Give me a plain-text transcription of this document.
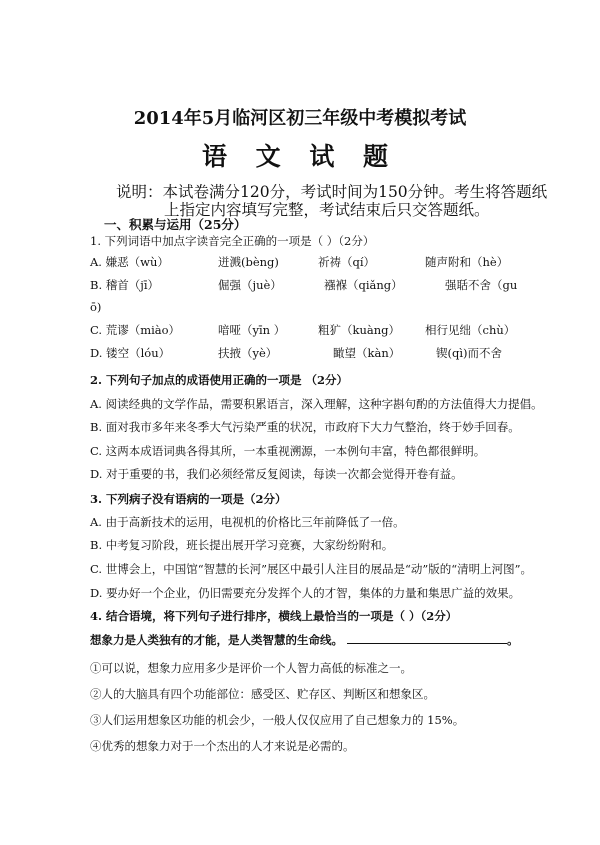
2014年5月临河区初三年级中考模拟考试
语 文 试 题
说明：本试卷满分120分，考试时间为150分钟。考生将答题纸
上指定内容填写完整，考试结束后只交答题纸。
一、积累与运用（25分）
1. 下列词语中加点字读音完全正确的一项是（ ）（2分）
A. 嫌恶（wù）	迸溅(bèng)	祈祷（qí）	随声附和（hè）
B. 稽首（jī）	倔强（juè）	襁褓（qiǎng）	强聒不舍（gu
ō)
C. 荒谬（miào）	喑哑（yīn ）	粗犷（kuàng） 相行见绌（chù）
D. 镂空（lóu）	扶掖（yè）	瞰望（kàn）	锲(qì)而不舍
2. 下列句子加点的成语使用正确的一项是 （2分）
A. 阅读经典的文学作品，需要积累语言，深入理解，这种字斟句酌的方法值得大力提倡。
B. 面对我市多年来冬季大气污染严重的状况，市政府下大力气整治，终于妙手回春。
C. 这两本成语词典各得其所，一本重视溯源，一本例句丰富，特色都很鲜明。
D. 对于重要的书，我们必须经常反复阅读，每读一次都会觉得开卷有益。
3. 下列病子没有语病的一项是（2分）
A. 由于高新技术的运用，电视机的价格比三年前降低了一倍。
B. 中考复习阶段，班长提出展开学习竞赛，大家纷纷附和。
C. 世博会上，中国馆“智慧的长河”展区中最引人注目的展品是“动”版的“清明上河图”。
D. 要办好一个企业，仍旧需要充分发挥个人的才智，集体的力量和集思广益的效果。
4. 结合语境，将下列句子进行排序，横线上最恰当的一项是（ ）（2分）
想象力是人类独有的才能，是人类智慧的生命线。	。
①可以说，想象力应用多少是评价一个人智力高低的标准之一。
②人的大脑具有四个功能部位：感受区、贮存区、判断区和想象区。
③人们运用想象区功能的机会少，一般人仅仅应用了自己想象力的 15%。
④优秀的想象力对于一个杰出的人才来说是必需的。
